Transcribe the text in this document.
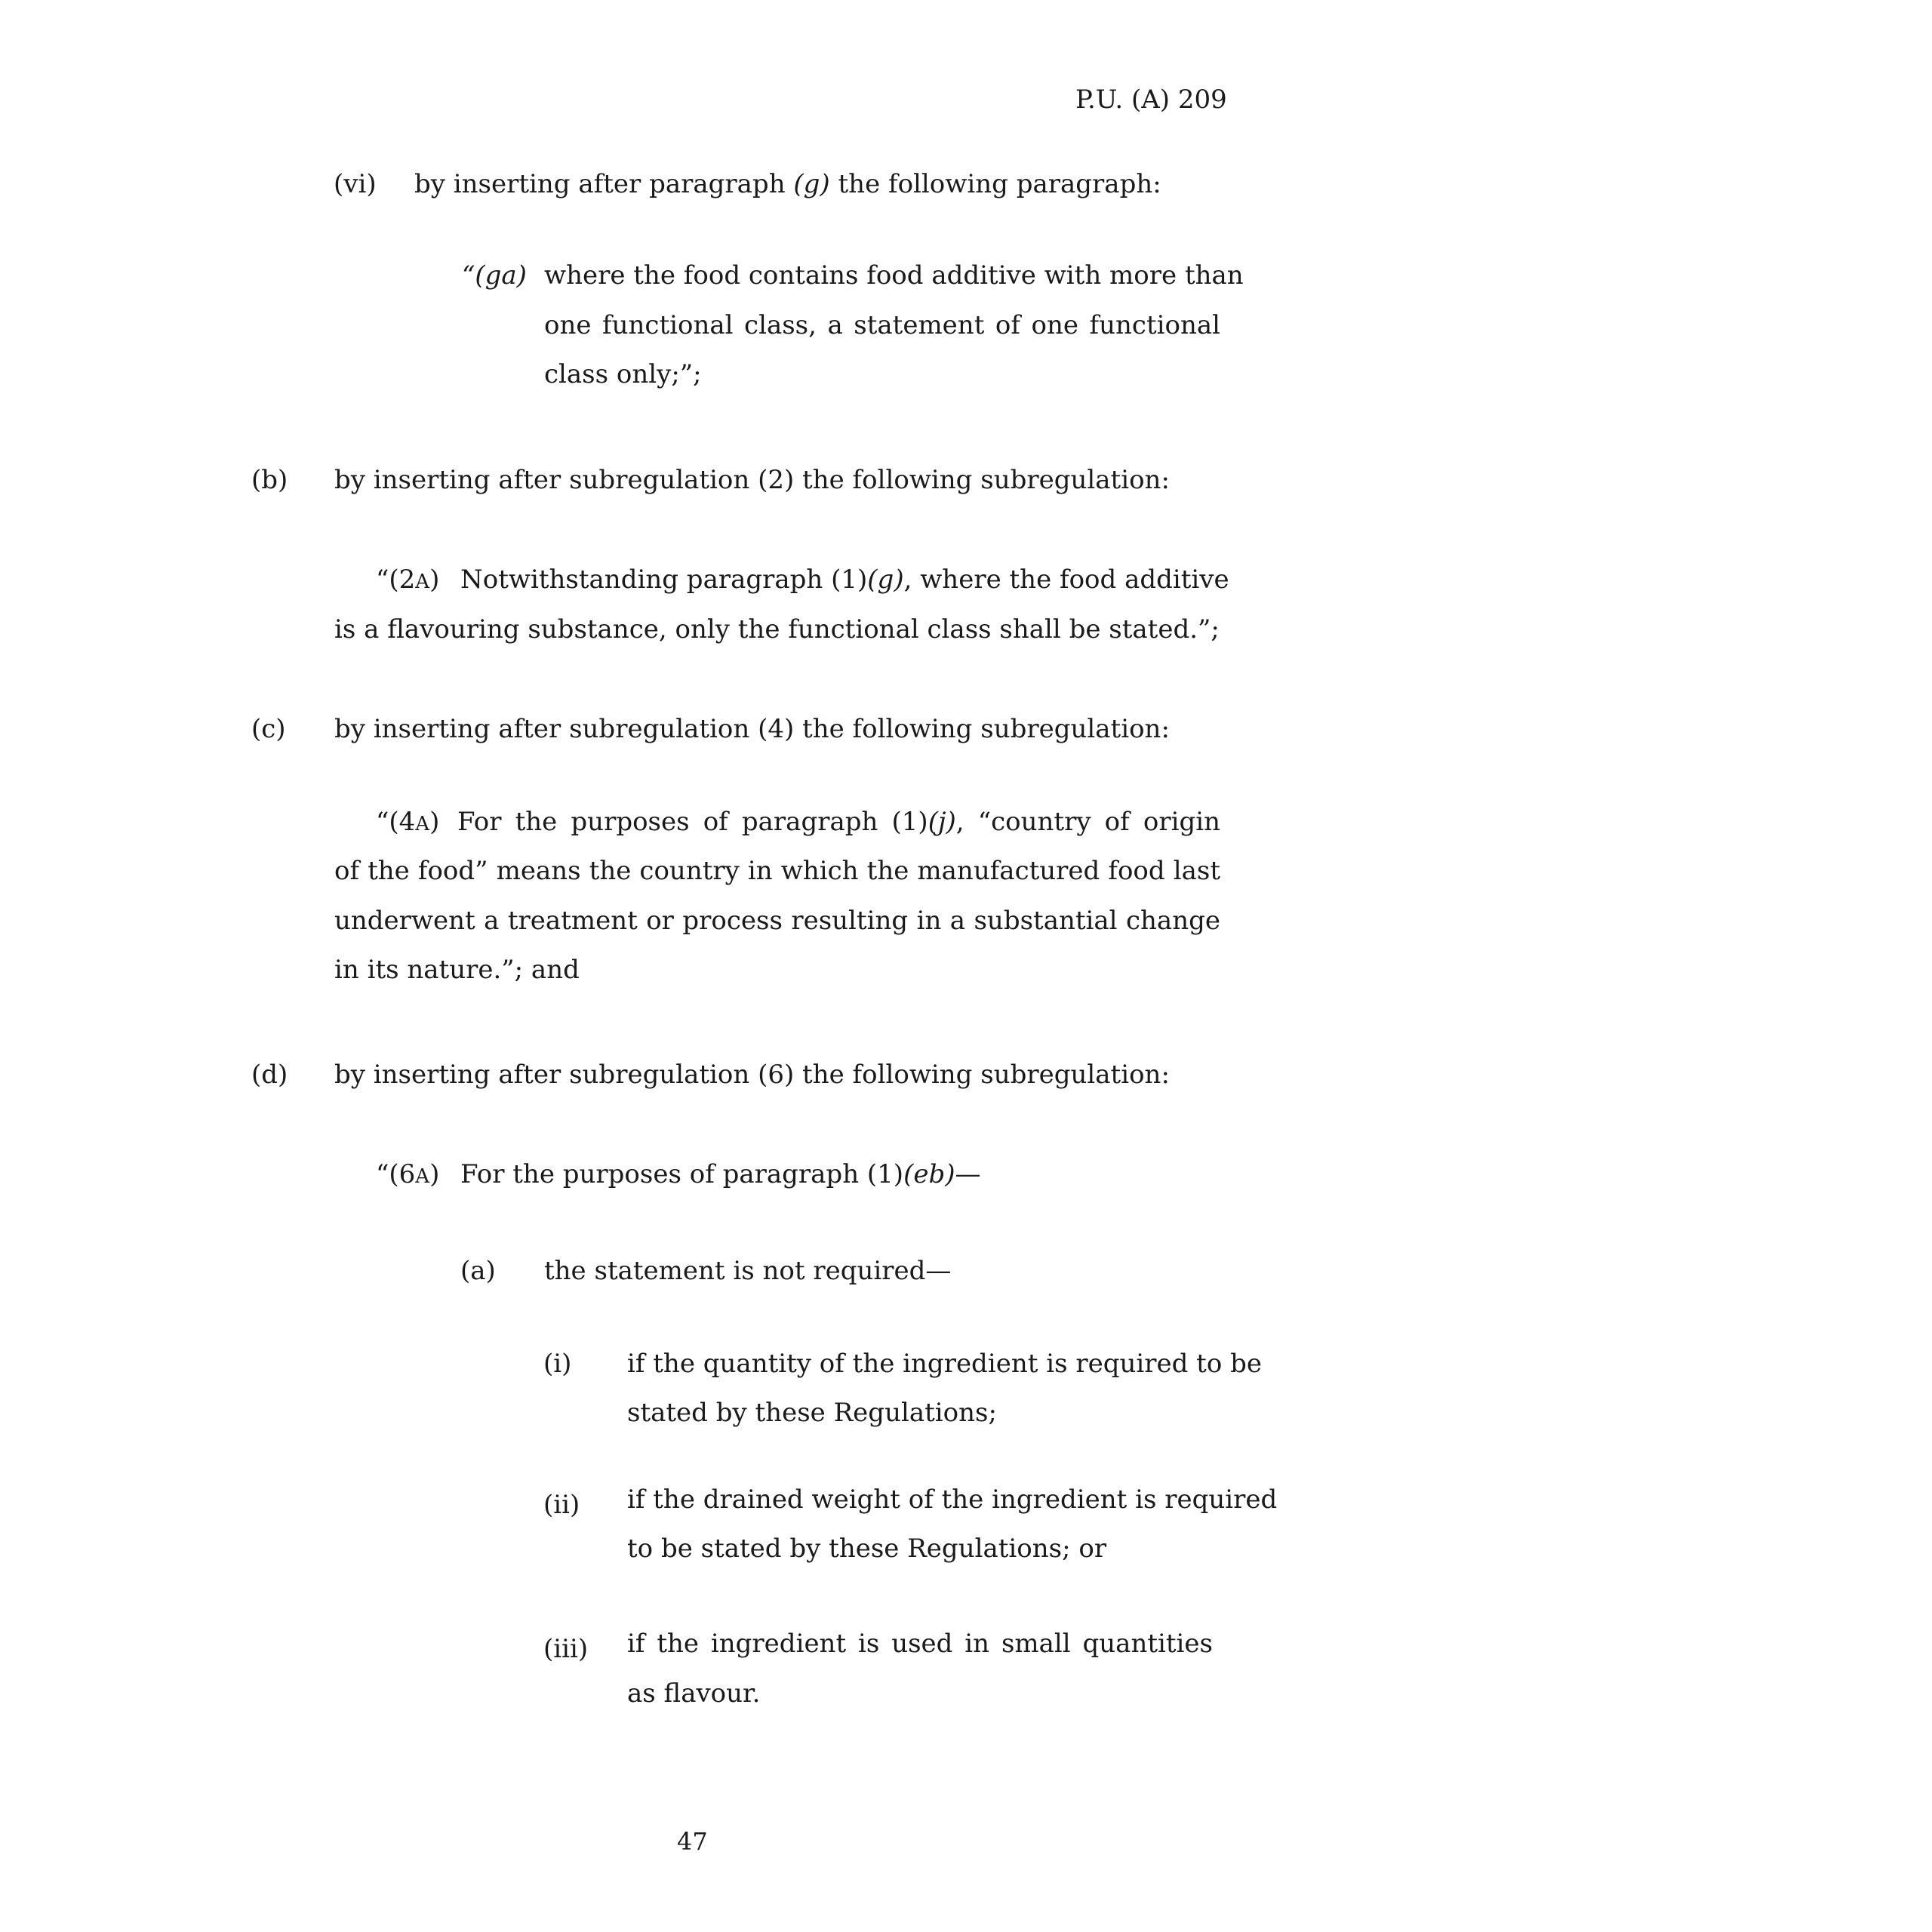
P.U. (A) 209
(vi) by inserting after paragraph (g) the following paragraph:
“(ga) where the food contains food additive with more than
one functional class, a statement of one functional
class only;”;
(b) by inserting after subregulation (2) the following subregulation:
“(2A) Notwithstanding paragraph (1)(g), where the food additive
is a flavouring substance, only the functional class shall be stated.”;
(c) by inserting after subregulation (4) the following subregulation:
“(4A) For the purposes of paragraph (1)(j), “country of origin
of the food” means the country in which the manufactured food last
underwent a treatment or process resulting in a substantial change
in its nature.”; and
(d) by inserting after subregulation (6) the following subregulation:
“(6A) For the purposes of paragraph (1)(eb)—
(a) the statement is not required—
(i) if the quantity of the ingredient is required to be
stated by these Regulations;
(ii) if the drained weight of the ingredient is required
to be stated by these Regulations; or
(iii) if the ingredient is used in small quantities
as flavour.
47
